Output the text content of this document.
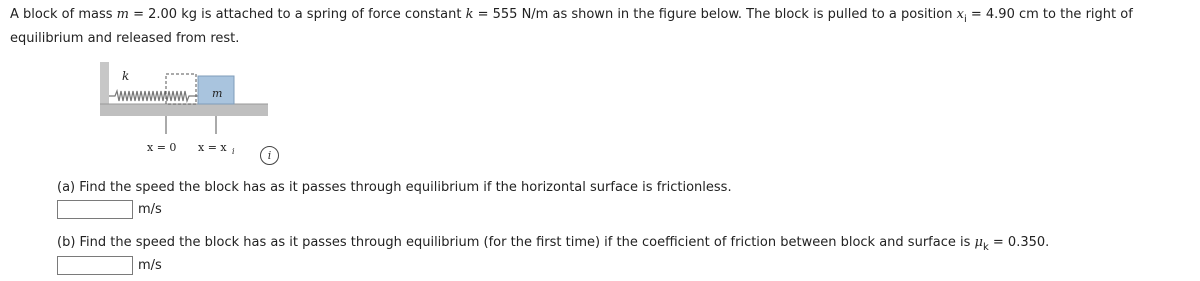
A block of mass m = 2.00 kg is attached to a spring of force constant k = 555 N/m as shown in the figure below. The block is pulled to a position $x_i = 4.90$ cm to the right of equilibrium and released from rest.

k
m
x = 0 x = x i	i

(a) Find the speed the block has as it passes through equilibrium if the horizontal surface is frictionless.

m/s

(b) Find the speed the block has as it passes through equilibrium (for the first time) if the coefficient of friction between block and surface is $\mu_k = 0.350$.

m/s
